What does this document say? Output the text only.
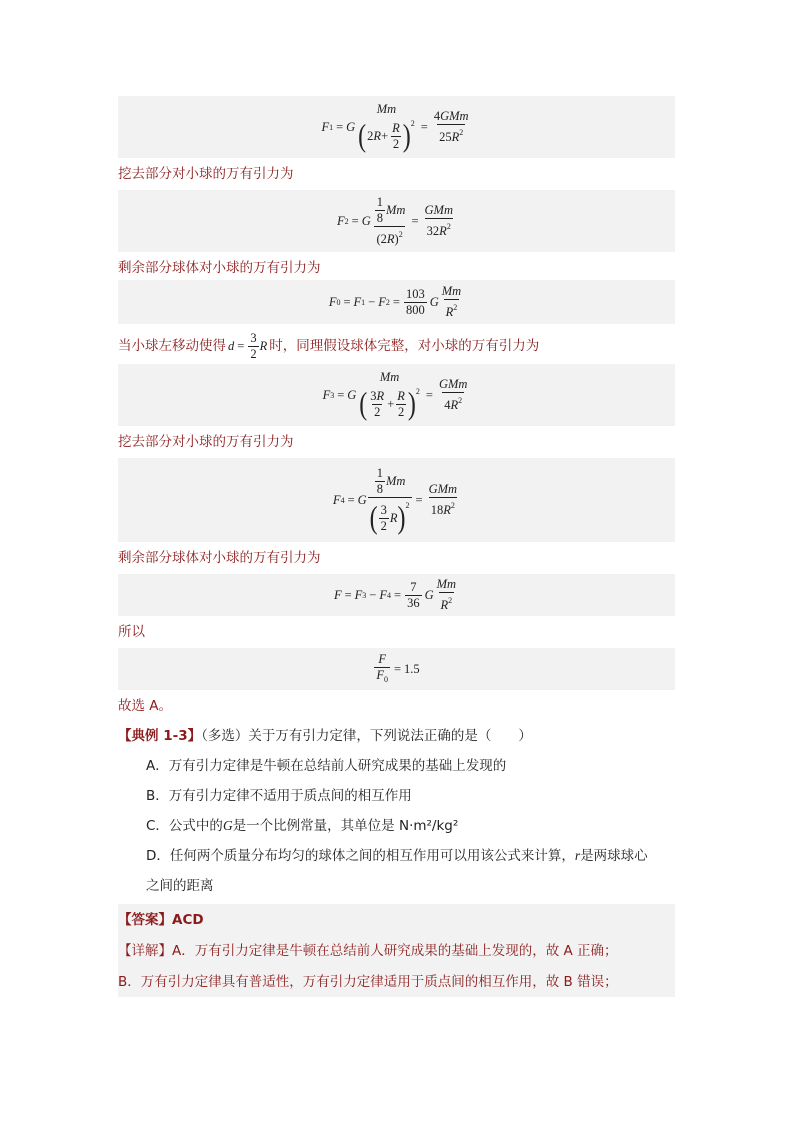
F 1 = G
Mm
( $2R+ \frac{R}{2}$ ) $^2 = \frac{\text{4GMm}}{25R^2}$
挖去部分对小球的万有引力为
F 2 = G $\frac{\frac{1}{8} Mm}{(2R)^2} = \frac{\text{GMm}}{32R^2}$
剩余部分球体对小球的万有引力为
F 0 = F 1 − F $2 = \frac{103}{800}$ G $\frac{Mm}{R^2}$
当小球左移动使得 $d = \frac{3}{2}$ R 时，同理假设球体完整，对小球的万有引力为
F 3 = G
Mm
( $\frac{3R}{2} + \frac{R}{2}$ ) $^2 = \frac{\text{GMm}}{4R^2}$
挖去部分对小球的万有引力为
F 4 = G $\frac{\frac{1}{8} Mm}{( \frac{3}{2} R ) ^2} = \frac{\text{GMm}}{18R^2}$
剩余部分球体对小球的万有引力为
F = F 3 − F $4 = \frac{7}{36}$ G $\frac{Mm}{R^2}$
所以
$\frac{F}{F_0} = 1.5$
故选 A。
【典例 1-3】（多选）关于万有引力定律，下列说法正确的是（　　）
A．万有引力定律是牛顿在总结前人研究成果的基础上发现的
B．万有引力定律不适用于质点间的相互作用
C．公式中的G是一个比例常量，其单位是 N·m²/kg²
D．任何两个质量分布均匀的球体之间的相互作用可以用该公式来计算，r是两球球心
之间的距离
【答案】ACD
【详解】A．万有引力定律是牛顿在总结前人研究成果的基础上发现的，故 A 正确；
B．万有引力定律具有普适性，万有引力定律适用于质点间的相互作用，故 B 错误；
